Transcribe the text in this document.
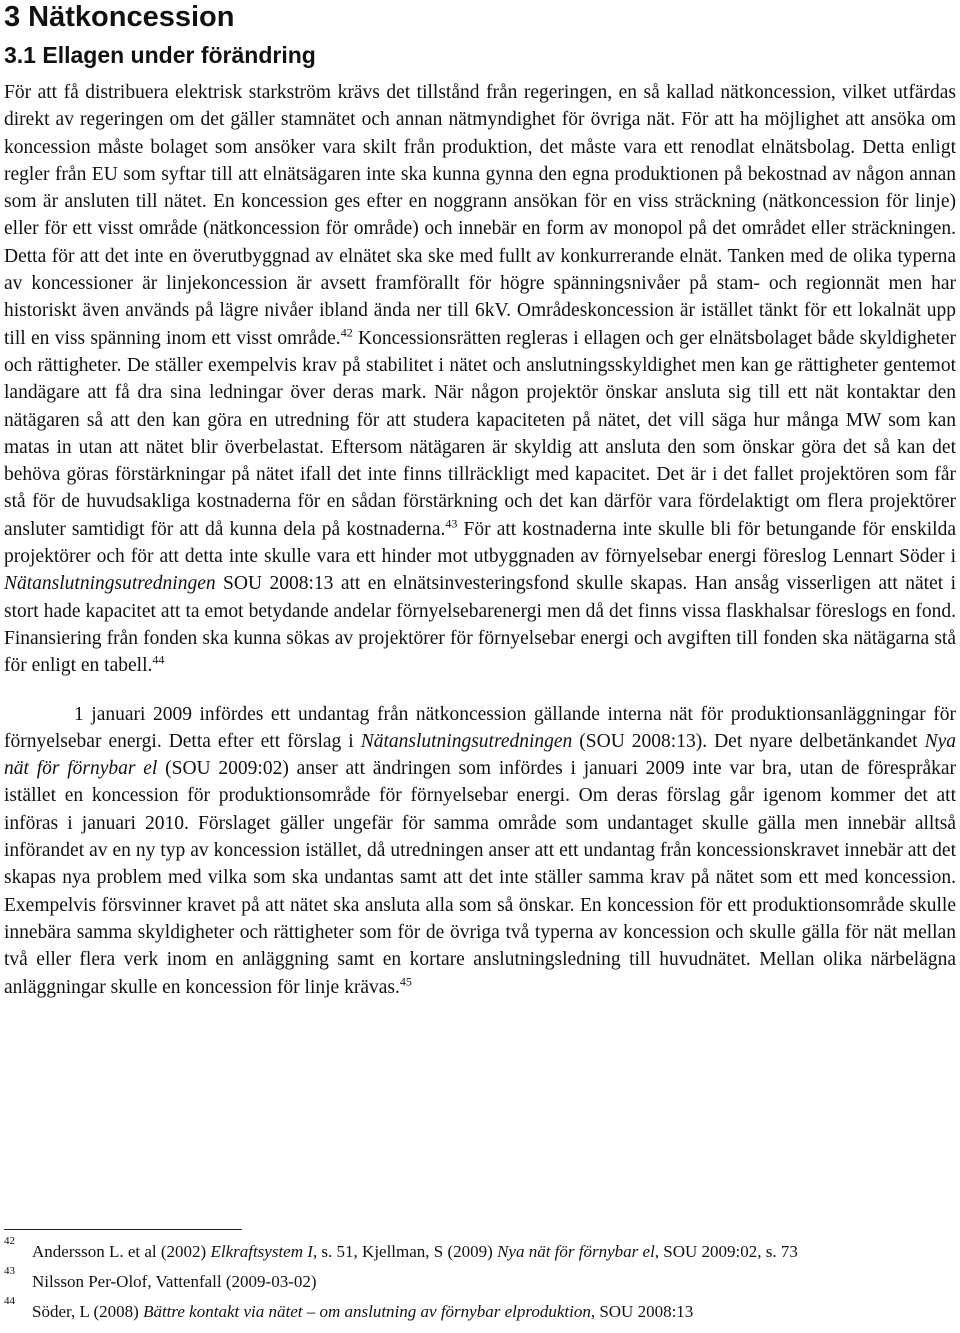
3 Nätkoncession
3.1 Ellagen under förändring

För att få distribuera elektrisk starkström krävs det tillstånd från regeringen, en så kallad nätkoncession, vilket utfärdas direkt av regeringen om det gäller stamnätet och annan nätmyndighet för övriga nät. För att ha möjlighet att ansöka om koncession måste bolaget som ansöker vara skilt från produktion, det måste vara ett renodlat elnätsbolag. Detta enligt regler från EU som syftar till att elnätsägaren inte ska kunna gynna den egna produktionen på bekostnad av någon annan som är ansluten till nätet. En koncession ges efter en noggrann ansökan för en viss sträckning (nätkoncession för linje) eller för ett visst område (nätkoncession för område) och innebär en form av monopol på det området eller sträckningen. Detta för att det inte en överutbyggnad av elnätet ska ske med fullt av konkurrerande elnät. Tanken med de olika typerna av koncessioner är linjekoncession är avsett framförallt för högre spänningsnivåer på stam- och regionnät men har historiskt även används på lägre nivåer ibland ända ner till 6kV. Områdeskoncession är istället tänkt för ett lokalnät upp till en viss spänning inom ett visst område.$^{42}$ Koncessionsrätten regleras i ellagen och ger elnätsbolaget både skyldigheter och rättigheter. De ställer exempelvis krav på stabilitet i nätet och anslutningsskyldighet men kan ge rättigheter gentemot landägare att få dra sina ledningar över deras mark. När någon projektör önskar ansluta sig till ett nät kontaktar den nätägaren så att den kan göra en utredning för att studera kapaciteten på nätet, det vill säga hur många MW som kan matas in utan att nätet blir överbelastat. Eftersom nätägaren är skyldig att ansluta den som önskar göra det så kan det behöva göras förstärkningar på nätet ifall det inte finns tillräckligt med kapacitet. Det är i det fallet projektören som får stå för de huvudsakliga kostnaderna för en sådan förstärkning och det kan därför vara fördelaktigt om flera projektörer ansluter samtidigt för att då kunna dela på kostnaderna.$^{43}$ För att kostnaderna inte skulle bli för betungande för enskilda projektörer och för att detta inte skulle vara ett hinder mot utbyggnaden av förnyelsebar energi föreslog Lennart Söder i Nätanslutningsutredningen SOU 2008:13 att en elnätsinvesteringsfond skulle skapas. Han ansåg visserligen att nätet i stort hade kapacitet att ta emot betydande andelar förnyelsebarenergi men då det finns vissa flaskhalsar föreslogs en fond. Finansiering från fonden ska kunna sökas av projektörer för förnyelsebar energi och avgiften till fonden ska nätägarna stå för enligt en tabell.$^{44}$

1 januari 2009 infördes ett undantag från nätkoncession gällande interna nät för produktionsanläggningar för förnyelsebar energi. Detta efter ett förslag i Nätanslutningsutredningen (SOU 2008:13). Det nyare delbetänkandet Nya nät för förnybar el (SOU 2009:02) anser att ändringen som infördes i januari 2009 inte var bra, utan de förespråkar istället en koncession för produktionsområde för förnyelsebar energi. Om deras förslag går igenom kommer det att införas i januari 2010. Förslaget gäller ungefär för samma område som undantaget skulle gälla men innebär alltså införandet av en ny typ av koncession istället, då utredningen anser att ett undantag från koncessionskravet innebär att det skapas nya problem med vilka som ska undantas samt att det inte ställer samma krav på nätet som ett med koncession. Exempelvis försvinner kravet på att nätet ska ansluta alla som så önskar. En koncession för ett produktionsområde skulle innebära samma skyldigheter och rättigheter som för de övriga två typerna av koncession och skulle gälla för nät mellan två eller flera verk inom en anläggning samt en kortare anslutningsledning till huvudnätet. Mellan olika närbelägna anläggningar skulle en koncession för linje krävas.$^{45}$

42
Andersson L. et al (2002) Elkraftsystem I, s. 51, Kjellman, S (2009) Nya nät för förnybar el, SOU 2009:02, s. 73
43
Nilsson Per-Olof, Vattenfall (2009-03-02)
44
Söder, L (2008) Bättre kontakt via nätet – om anslutning av förnybar elproduktion, SOU 2008:13
